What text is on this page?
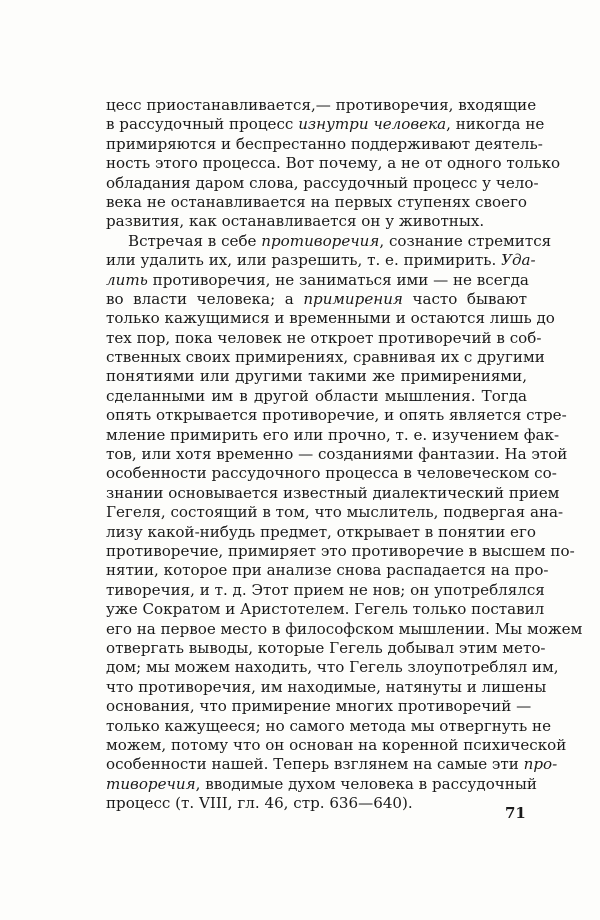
цесс приостанавливается,— противоречия, входящие
в рассудочный процесс изнутри человека, никогда не
примиряются и беспрестанно поддерживают деятель-
ность этого процесса. Вот почему, а не от одного только
обладания даром слова, рассудочный процесс у чело-
века не останавливается на первых ступенях своего
развития, как останавливается он у животных.
Встречая в себе противоречия, сознание стремится
или удалить их, или разрешить, т. е. примирить. Уда-
лить противоречия, не заниматься ими — не всегда
во власти человека; а примирения часто бывают
только кажущимися и временными и остаются лишь до
тех пор, пока человек не откроет противоречий в соб-
ственных своих примирениях, сравнивая их с другими
понятиями или другими такими же примирениями,
сделанными им в другой области мышления. Тогда
опять открывается противоречие, и опять является стре-
мление примирить его или прочно, т. е. изучением фак-
тов, или хотя временно — созданиями фантазии. На этой
особенности рассудочного процесса в человеческом со-
знании основывается известный диалектический прием
Гегеля, состоящий в том, что мыслитель, подвергая ана-
лизу какой-нибудь предмет, открывает в понятии его
противоречие, примиряет это противоречие в высшем по-
нятии, которое при анализе снова распадается на про-
тиворечия, и т. д. Этот прием не нов; он употреблялся
уже Сократом и Аристотелем. Гегель только поставил
его на первое место в философском мышлении. Мы можем
отвергать выводы, которые Гегель добывал этим мето-
дом; мы можем находить, что Гегель злоупотреблял им,
что противоречия, им находимые, натянуты и лишены
основания, что примирение многих противоречий —
только кажущееся; но самого метода мы отвергнуть не
можем, потому что он основан на коренной психической
особенности нашей. Теперь взглянем на самые эти про-
тиворечия, вводимые духом человека в рассудочный
процесс (т. VIII, гл. 46, стр. 636—640).
71
